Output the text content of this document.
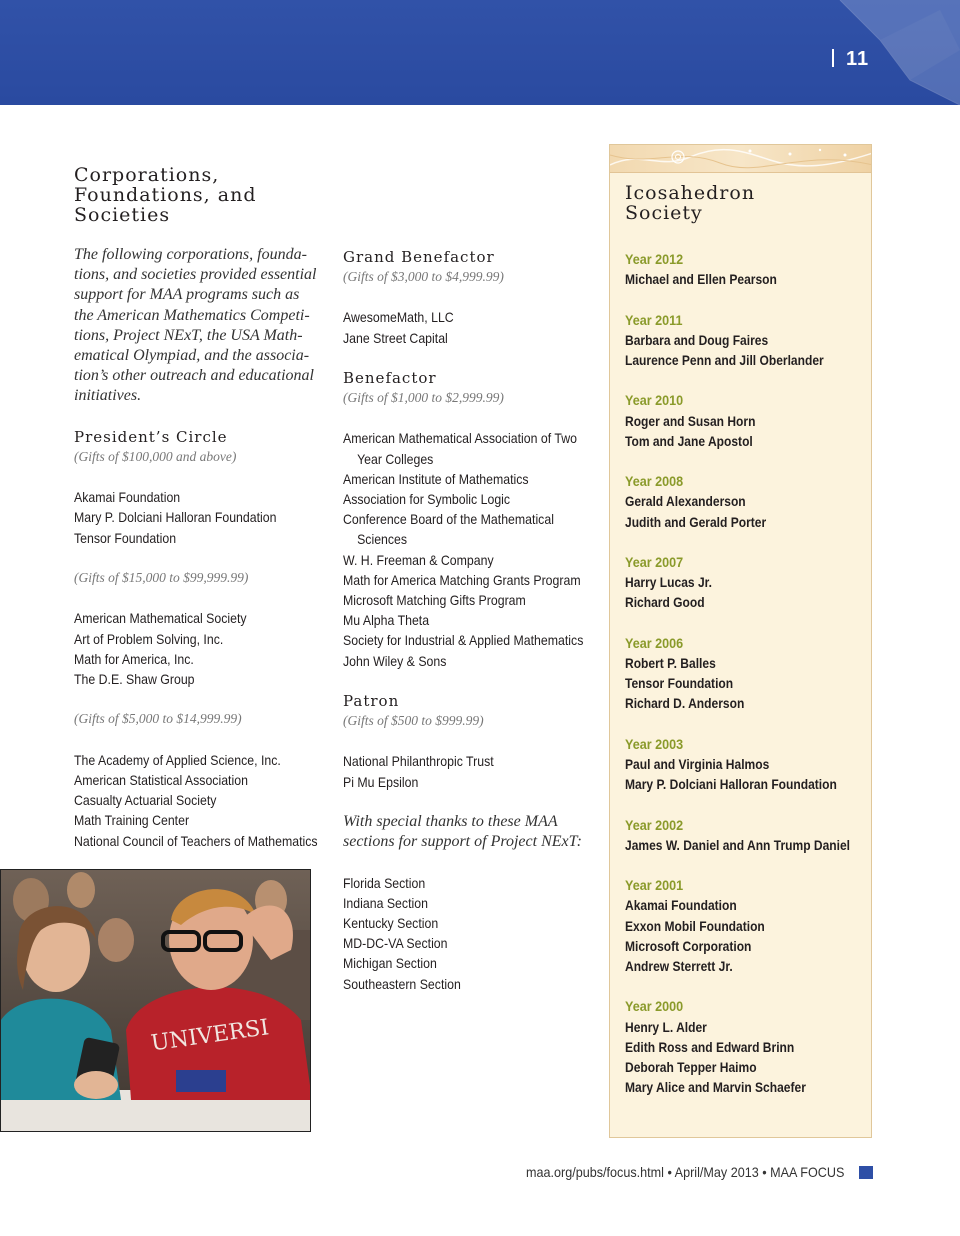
11
Corporations,
Foundations, and
Societies
The following corporations, founda-
tions, and societies provided essential
support for MAA programs such as
the American Mathematics Competi-
tions, Project NExT, the USA Math-
ematical Olympiad, and the associa-
tion’s other outreach and educational
initiatives.
President’s Circle
(Gifts of $100,000 and above)
Akamai Foundation
Mary P. Dolciani Halloran Foundation
Tensor Foundation
(Gifts of $15,000 to $99,999.99)
American Mathematical Society
Art of Problem Solving, Inc.
Math for America, Inc.
The D.E. Shaw Group
(Gifts of $5,000 to $14,999.99)
The Academy of Applied Science, Inc.
American Statistical Association
Casualty Actuarial Society
Math Training Center
National Council of Teachers of Mathematics
Grand Benefactor
(Gifts of $3,000 to $4,999.99)
AwesomeMath, LLC
Jane Street Capital
Benefactor
(Gifts of $1,000 to $2,999.99)
American Mathematical Association of Two
Year Colleges
American Institute of Mathematics
Association for Symbolic Logic
Conference Board of the Mathematical
Sciences
W. H. Freeman & Company
Math for America Matching Grants Program
Microsoft Matching Gifts Program
Mu Alpha Theta
Society for Industrial & Applied Mathematics
John Wiley & Sons
Patron
(Gifts of $500 to $999.99)
National Philanthropic Trust
Pi Mu Epsilon
With special thanks to these MAA
sections for support of Project NExT:
Florida Section
Indiana Section
Kentucky Section
MD-DC-VA Section
Michigan Section
Southeastern Section
Icosahedron
Society
Year 2012
Michael and Ellen Pearson
Year 2011
Barbara and Doug Faires
Laurence Penn and Jill Oberlander
Year 2010
Roger and Susan Horn
Tom and Jane Apostol
Year 2008
Gerald Alexanderson
Judith and Gerald Porter
Year 2007
Harry Lucas Jr.
Richard Good
Year 2006
Robert P. Balles
Tensor Foundation
Richard D. Anderson
Year 2003
Paul and Virginia Halmos
Mary P. Dolciani Halloran Foundation
Year 2002
James W. Daniel and Ann Trump Daniel
Year 2001
Akamai Foundation
Exxon Mobil Foundation
Microsoft Corporation
Andrew Sterrett Jr.
Year 2000
Henry L. Alder
Edith Ross and Edward Brinn
Deborah Tepper Haimo
Mary Alice and Marvin Schaefer
UNIVERSI
maa.org/pubs/focus.html • April/May 2013 • MAA FOCUS
